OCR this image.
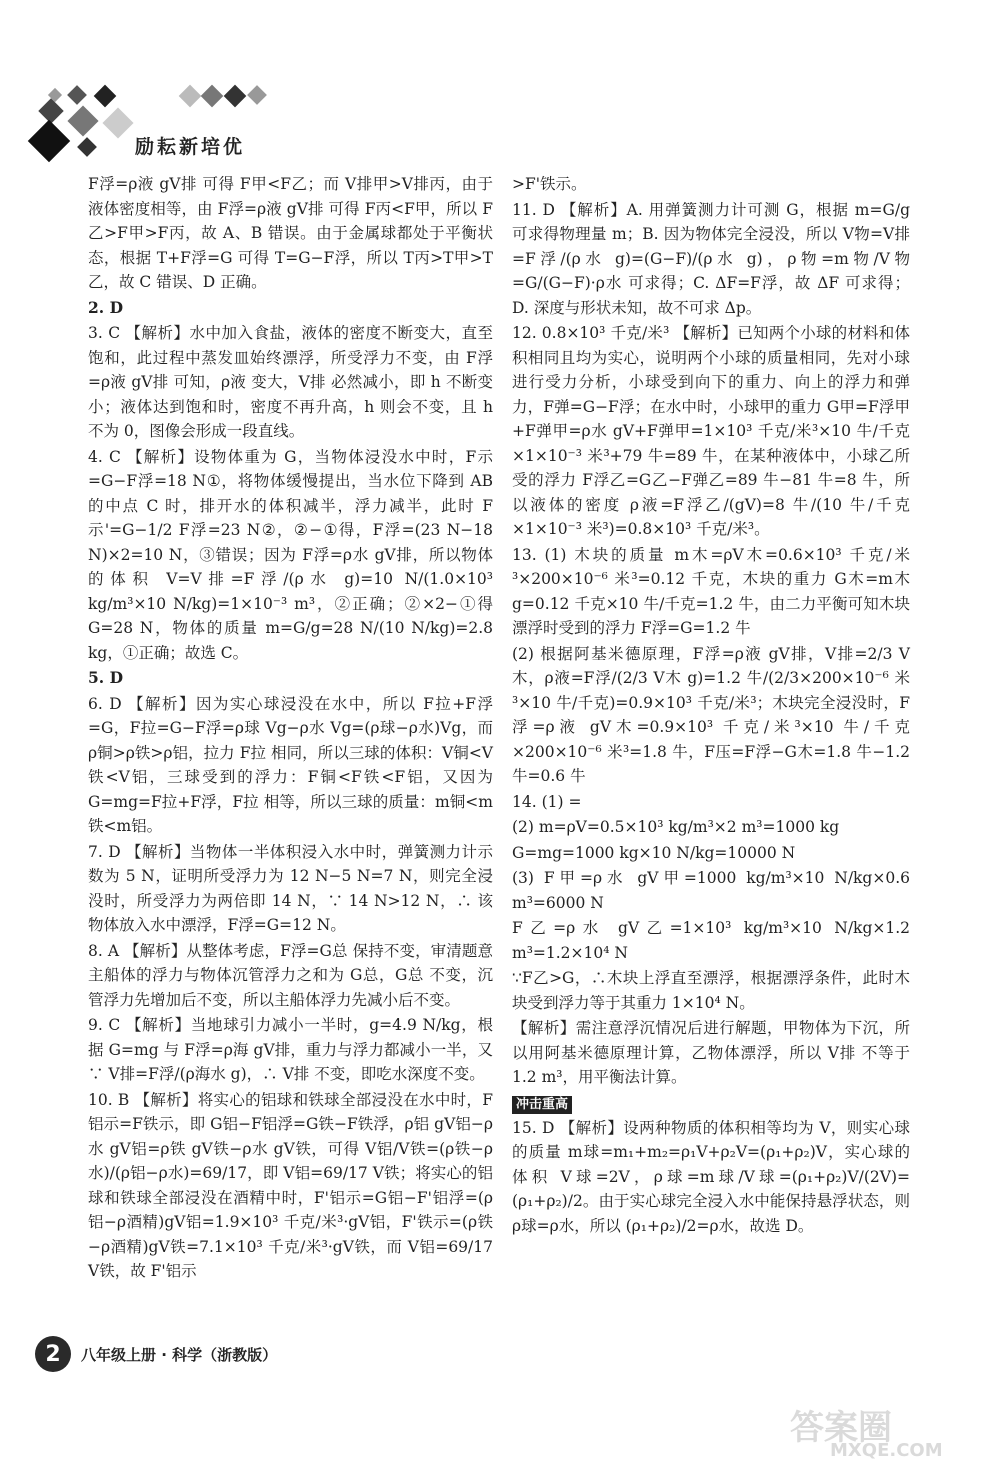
励耘新培优

F浮=ρ液 gV排 可得 F甲<F乙；而 V排甲>V排丙，由于液体密度相等，由 F浮=ρ液 gV排 可得 F丙<F甲，所以 F乙>F甲>F丙，故 A、B 错误。由于金属球都处于平衡状态，根据 T+F浮=G 可得 T=G−F浮，所以 T丙>T甲>T乙，故 C 错误、D 正确。

2. D

3. C 【解析】水中加入食盐，液体的密度不断变大，直至饱和，此过程中蒸发皿始终漂浮，所受浮力不变，由 F浮=ρ液 gV排 可知，ρ液 变大，V排 必然减小，即 h 不断变小；液体达到饱和时，密度不再升高，h 则会不变，且 h 不为 0，图像会形成一段直线。

4. C 【解析】设物体重为 G，当物体浸没水中时，F示=G−F浮=18 N①，将物体缓慢提出，当水位下降到 AB 的中点 C 时，排开水的体积减半，浮力减半，此时 F示'=G−1/2 F浮=23 N②，②−①得，F浮=(23 N−18 N)×2=10 N，③错误；因为 F浮=ρ水 gV排，所以物体的体积 V=V排=F浮/(ρ水 g)=10 N/(1.0×10³ kg/m³×10 N/kg)=1×10⁻³ m³，②正确；②×2−①得 G=28 N，物体的质量 m=G/g=28 N/(10 N/kg)=2.8 kg，①正确；故选 C。

5. D

6. D 【解析】因为实心球浸没在水中，所以 F拉+F浮=G，F拉=G−F浮=ρ球 Vg−ρ水 Vg=(ρ球−ρ水)Vg，而 ρ铜>ρ铁>ρ铝，拉力 F拉 相同，所以三球的体积：V铜<V铁<V铝，三球受到的浮力：F铜<F铁<F铝，又因为 G=mg=F拉+F浮，F拉 相等，所以三球的质量：m铜<m铁<m铝。

7. D 【解析】当物体一半体积浸入水中时，弹簧测力计示数为 5 N，证明所受浮力为 12 N−5 N=7 N，则完全浸没时，所受浮力为两倍即 14 N，∵ 14 N>12 N，∴ 该物体放入水中漂浮，F浮=G=12 N。

8. A 【解析】从整体考虑，F浮=G总 保持不变，审清题意主船体的浮力与物体沉管浮力之和为 G总，G总 不变，沉管浮力先增加后不变，所以主船体浮力先减小后不变。

9. C 【解析】当地球引力减小一半时，g=4.9 N/kg，根据 G=mg 与 F浮=ρ海 gV排，重力与浮力都减小一半，又∵ V排=F浮/(ρ海水 g)，∴ V排 不变，即吃水深度不变。

10. B 【解析】将实心的铝球和铁球全部浸没在水中时，F铝示=F铁示，即 G铝−F铝浮=G铁−F铁浮，ρ铝 gV铝−ρ水 gV铝=ρ铁 gV铁−ρ水 gV铁，可得 V铝/V铁=(ρ铁−ρ水)/(ρ铝−ρ水)=69/17，即 V铝=69/17 V铁；将实心的铝球和铁球全部浸没在酒精中时，F'铝示=G铝−F'铝浮=(ρ铝−ρ酒精)gV铝=1.9×10³ 千克/米³·gV铝，F'铁示=(ρ铁−ρ酒精)gV铁=7.1×10³ 千克/米³·gV铁，而 V铝=69/17 V铁，故 F'铝示

>F'铁示。

11. D 【解析】A. 用弹簧测力计可测 G，根据 m=G/g 可求得物理量 m；B. 因为物体完全浸没，所以 V物=V排=F浮/(ρ水 g)=(G−F)/(ρ水 g)，ρ物=m物/V物=G/(G−F)·ρ水 可求得；C. ΔF=F浮，故 ΔF 可求得；D. 深度与形状未知，故不可求 Δp。

12. 0.8×10³ 千克/米³ 【解析】已知两个小球的材料和体积相同且均为实心，说明两个小球的质量相同，先对小球进行受力分析，小球受到向下的重力、向上的浮力和弹力，F弹=G−F浮；在水中时，小球甲的重力 G甲=F浮甲+F弹甲=ρ水 gV+F弹甲=1×10³ 千克/米³×10 牛/千克×1×10⁻³ 米³+79 牛=89 牛，在某种液体中，小球乙所受的浮力 F浮乙=G乙−F弹乙=89 牛−81 牛=8 牛，所以液体的密度 ρ液=F浮乙/(gV)=8 牛/(10 牛/千克×1×10⁻³ 米³)=0.8×10³ 千克/米³。

13. (1) 木块的质量 m木=ρV木=0.6×10³ 千克/米³×200×10⁻⁶ 米³=0.12 千克，木块的重力 G木=m木 g=0.12 千克×10 牛/千克=1.2 牛，由二力平衡可知木块漂浮时受到的浮力 F浮=G=1.2 牛

(2) 根据阿基米德原理，F浮=ρ液 gV排，V排=2/3 V木，ρ液=F浮/(2/3 V木 g)=1.2 牛/(2/3×200×10⁻⁶ 米³×10 牛/千克)=0.9×10³ 千克/米³；木块完全浸没时，F浮=ρ液 gV木=0.9×10³ 千克/米³×10 牛/千克×200×10⁻⁶ 米³=1.8 牛，F压=F浮−G木=1.8 牛−1.2 牛=0.6 牛

14. (1) =

(2) m=ρV=0.5×10³ kg/m³×2 m³=1000 kg

G=mg=1000 kg×10 N/kg=10000 N

(3) F甲=ρ水 gV甲=1000 kg/m³×10 N/kg×0.6 m³=6000 N

F乙=ρ水 gV乙=1×10³ kg/m³×10 N/kg×1.2 m³=1.2×10⁴ N

∵F乙>G，∴木块上浮直至漂浮，根据漂浮条件，此时木块受到浮力等于其重力 1×10⁴ N。

【解析】需注意浮沉情况后进行解题，甲物体为下沉，所以用阿基米德原理计算，乙物体漂浮，所以 V排 不等于 1.2 m³，用平衡法计算。

冲击重高

15. D 【解析】设两种物质的体积相等均为 V，则实心球的质量 m球=m₁+m₂=ρ₁V+ρ₂V=(ρ₁+ρ₂)V，实心球的体积 V球=2V，ρ球=m球/V球=(ρ₁+ρ₂)V/(2V)=(ρ₁+ρ₂)/2。由于实心球完全浸入水中能保持悬浮状态，则 ρ球=ρ水，所以 (ρ₁+ρ₂)/2=ρ水，故选 D。

2	八年级上册 · 科学（浙教版）
答案圈
MXQE.COM
